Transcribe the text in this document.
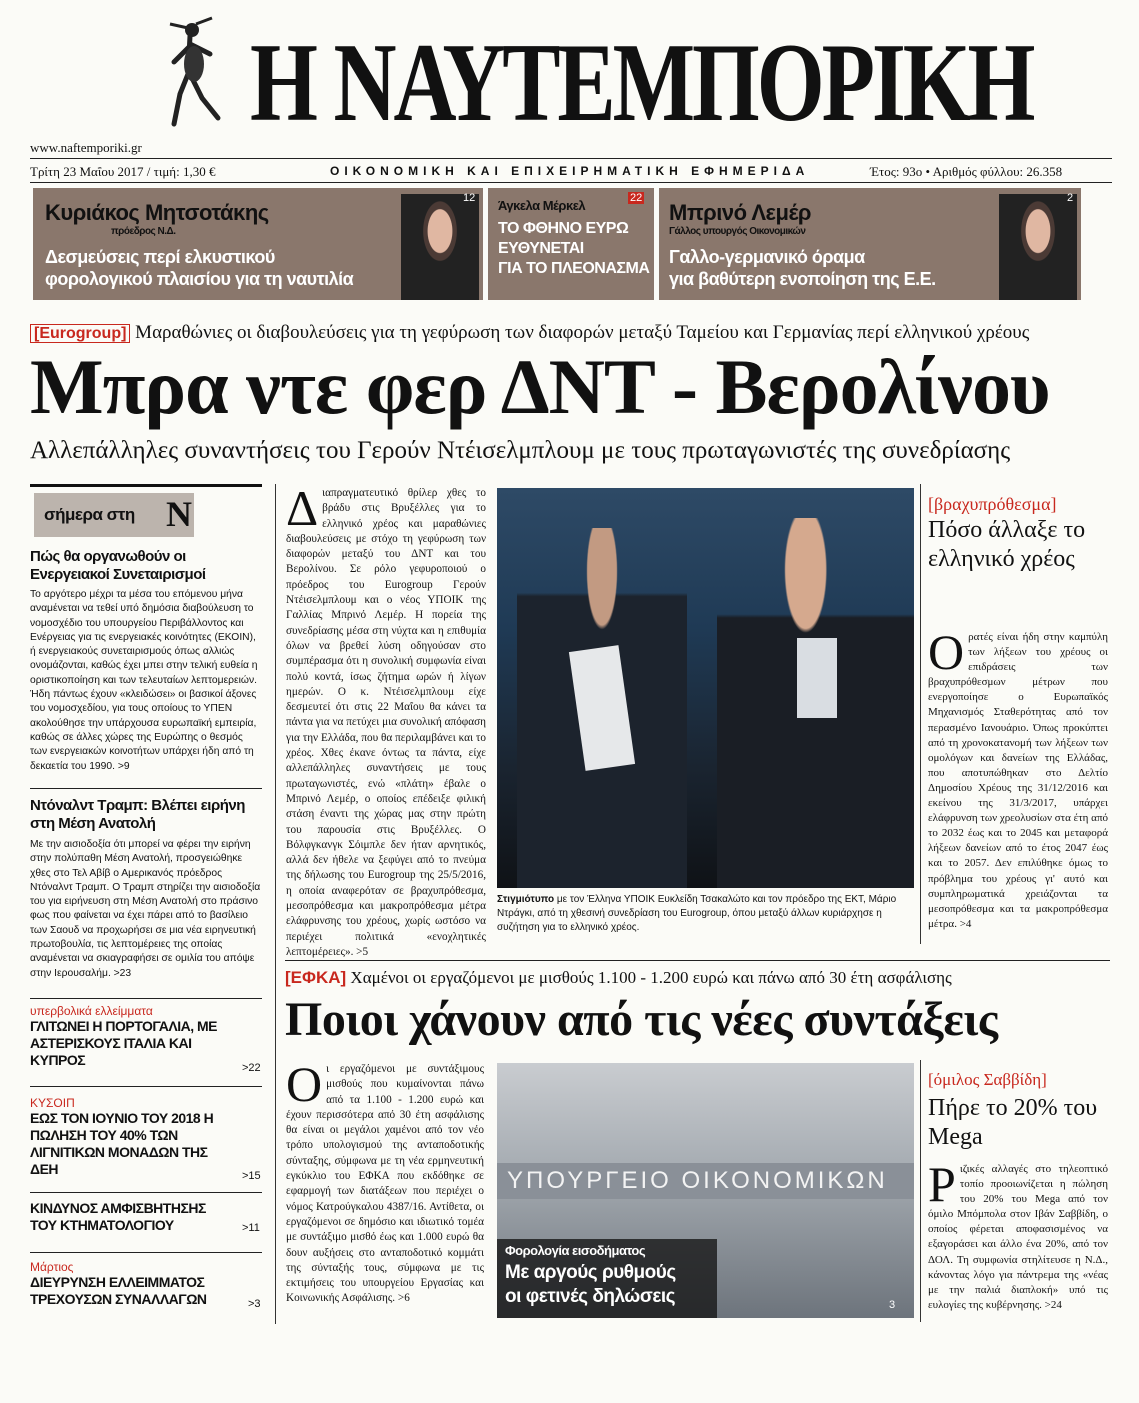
Η ΝΑΥΤΕΜΠΟΡΙΚΗ
www.naftemporiki.gr
Τρίτη 23 Μαΐου 2017 / τιμή: 1,30 €	ΟΙΚΟΝΟΜΙΚΗ ΚΑΙ ΕΠΙΧΕΙΡΗΜΑΤΙΚΗ ΕΦΗΜΕΡΙΔΑ	Έτος: 93ο • Αριθμός φύλλου: 26.358
Κυριάκος Μητσοτάκης
πρόεδρος Ν.Δ.
Δεσμεύσεις περί ελκυστικού
φορολογικού πλαισίου για τη ναυτιλία
12 Άγκελα Μέρκελ
ΤΟ ΦΘΗΝΟ ΕΥΡΩ
ΕΥΘΥΝΕΤΑΙ
ΓΙΑ ΤΟ ΠΛΕΟΝΑΣΜΑ
22
Μπρινό Λεμέρ
Γάλλος υπουργός Οικονομικών
Γαλλο-γερμανικό όραμα
για βαθύτερη ενοποίηση της Ε.Ε.
2
[Eurogroup] Μαραθώνιες οι διαβουλεύσεις για τη γεφύρωση των διαφορών μεταξύ Ταμείου και Γερμανίας περί ελληνικού χρέους
Μπρα ντε φερ ΔΝΤ - Βερολίνου
Αλλεπάλληλες συναντήσεις του Γερούν Ντέισελμπλουμ με τους πρωταγωνιστές της συνεδρίασης
σήμερα στη N
Πώς θα οργανωθούν οι Ενεργειακοί Συνεταιρισμοί
Το αργότερο μέχρι τα μέσα του επόμενου μήνα αναμένεται να τεθεί υπό δημόσια διαβούλευση το νομοσχέδιο του υπουργείου Περιβάλλοντος και Ενέργειας για τις ενεργειακές κοινότητες (ΕΚΟΙΝ), ή ενεργειακούς συνεταιρισμούς όπως αλλιώς ονομάζονται, καθώς έχει μπει στην τελική ευθεία η οριστικοποίηση και των τελευταίων λεπτομερειών. Ήδη πάντως έχουν «κλειδώσει» οι βασικοί άξονες του νομοσχεδίου, για τους οποίους το ΥΠΕΝ ακολούθησε την υπάρχουσα ευρωπαϊκή εμπειρία, καθώς σε άλλες χώρες της Ευρώπης ο θεσμός των ενεργειακών κοινοτήτων υπάρχει ήδη από τη δεκαετία του 1990. >9
Ντόναλντ Τραμπ: Βλέπει ειρήνη στη Μέση Ανατολή
Με την αισιοδοξία ότι μπορεί να φέρει την ειρήνη στην πολύπαθη Μέση Ανατολή, προσγειώθηκε χθες στο Τελ Αβίβ ο Αμερικανός πρόεδρος Ντόναλντ Τραμπ. Ο Τραμπ στηρίζει την αισιοδοξία του για ειρήνευση στη Μέση Ανατολή στο πράσινο φως που φαίνεται να έχει πάρει από το βασίλειο των Σαουδ να προχωρήσει σε μια νέα ειρηνευτική πρωτοβουλία, τις λεπτομέρειες της οποίας αναμένεται να σκιαγραφήσει σε ομιλία του απόψε στην Ιερουσαλήμ. >23
υπερβολικά ελλείμματα
ΓΛΙΤΩΝΕΙ Η ΠΟΡΤΟΓΑΛΙΑ, ΜΕ ΑΣΤΕΡΙΣΚΟΥΣ ΙΤΑΛΙΑ ΚΑΙ ΚΥΠΡΟΣ	>22
ΚΥΣΟΙΠ
ΕΩΣ ΤΟΝ ΙΟΥΝΙΟ ΤΟΥ 2018 Η ΠΩΛΗΣΗ ΤΟΥ 40% ΤΩΝ ΛΙΓΝΙΤΙΚΩΝ ΜΟΝΑΔΩΝ ΤΗΣ ΔΕΗ	>15
ΚΙΝΔΥΝΟΣ ΑΜΦΙΣΒΗΤΗΣΗΣ ΤΟΥ ΚΤΗΜΑΤΟΛΟΓΙΟΥ	>11
Μάρτιος
ΔΙΕΥΡΥΝΣΗ ΕΛΛΕΙΜΜΑΤΟΣ ΤΡΕΧΟΥΣΩΝ ΣΥΝΑΛΛΑΓΩΝ	>3
Διαπραγματευτικό θρίλερ χθες το βράδυ στις Βρυξέλλες για το ελληνικό χρέος και μαραθώνιες διαβουλεύσεις με στόχο τη γεφύρωση των διαφορών μεταξύ του ΔΝΤ και του Βερολίνου. Σε ρόλο γεφυροποιού ο πρόεδρος του Eurogroup Γερούν Ντέισελμπλουμ και ο νέος ΥΠΟΙΚ της Γαλλίας Μπρινό Λεμέρ. Η πορεία της συνεδρίασης μέσα στη νύχτα και η επιθυμία όλων να βρεθεί λύση οδηγούσαν στο συμπέρασμα ότι η συνολική συμφωνία είναι πολύ κοντά, ίσως ζήτημα ωρών ή λίγων ημερών. Ο κ. Ντέισελμπλουμ είχε δεσμευτεί ότι στις 22 Μαΐου θα κάνει τα πάντα για να πετύχει μια συνολική απόφαση για την Ελλάδα, που θα περιλαμβάνει και το χρέος. Χθες έκανε όντως τα πάντα, είχε αλλεπάλληλες συναντήσεις με τους πρωταγωνιστές, ενώ «πλάτη» έβαλε ο Μπρινό Λεμέρ, ο οποίος επέδειξε φιλική στάση έναντι της χώρας μας στην πρώτη του παρουσία στις Βρυξέλλες. Ο Βόλφγκανγκ Σόιμπλε δεν ήταν αρνητικός, αλλά δεν ήθελε να ξεφύγει από το πνεύμα της δήλωσης του Eurogroup της 25/5/2016, η οποία αναφερόταν σε βραχυπρόθεσμα, μεσοπρόθεσμα και μακροπρόθεσμα μέτρα ελάφρυνσης του χρέους, χωρίς ωστόσο να περιέχει πολιτικά «ενοχλητικές λεπτομέρειες». >5
Στιγμιότυπο με τον Έλληνα ΥΠΟΙΚ Ευκλείδη Τσακαλώτο και τον πρόεδρο της ΕΚΤ, Μάριο Ντράγκι, από τη χθεσινή συνεδρίαση του Eurogroup, όπου μεταξύ άλλων κυριάρχησε η συζήτηση για το ελληνικό χρέος.
[βραχυπρόθεσμα]
Πόσο άλλαξε το ελληνικό χρέος
Ορατές είναι ήδη στην καμπύλη των λήξεων του χρέους οι επιδράσεις των βραχυπρόθεσμων μέτρων που ενεργοποίησε ο Ευρωπαϊκός Μηχανισμός Σταθερότητας από τον περασμένο Ιανουάριο. Όπως προκύπτει από τη χρονοκατανομή των λήξεων των ομολόγων και δανείων της Ελλάδας, που αποτυπώθηκαν στο Δελτίο Δημοσίου Χρέους της 31/12/2016 και εκείνου της 31/3/2017, υπάρχει ελάφρυνση των χρεολυσίων στα έτη από το 2032 έως και το 2045 και μεταφορά λήξεων δανείων από το έτος 2047 έως και το 2057. Δεν επιλύθηκε όμως το πρόβλημα του χρέους γι' αυτό και συμπληρωματικά χρειάζονται τα μεσοπρόθεσμα και τα μακροπρόθεσμα μέτρα. >4
[ΕΦΚΑ] Χαμένοι οι εργαζόμενοι με μισθούς 1.100 - 1.200 ευρώ και πάνω από 30 έτη ασφάλισης
Ποιοι χάνουν από τις νέες συντάξεις
Οι εργαζόμενοι με συντάξιμους μισθούς που κυμαίνονται πάνω από τα 1.100 - 1.200 ευρώ και έχουν περισσότερα από 30 έτη ασφάλισης θα είναι οι μεγάλοι χαμένοι από τον νέο τρόπο υπολογισμού της ανταποδοτικής σύνταξης, σύμφωνα με τη νέα ερμηνευτική εγκύκλιο του ΕΦΚΑ που εκδόθηκε σε εφαρμογή των διατάξεων που περιέχει ο νόμος Κατρούγκαλου 4387/16. Αντίθετα, οι εργαζόμενοι σε δημόσιο και ιδιωτικό τομέα με συντάξιμο μισθό έως και 1.000 ευρώ θα δουν αυξήσεις στο ανταποδοτικό κομμάτι της σύνταξής τους, σύμφωνα με τις εκτιμήσεις του υπουργείου Εργασίας και Κοινωνικής Ασφάλισης. >6
ΥΠΟΥΡΓΕΙΟ ΟΙΚΟΝΟΜΙΚΩΝ
Φορολογία εισοδήματος
Με αργούς ρυθμούς
οι φετινές δηλώσεις	3
[όμιλος Σαββίδη]
Πήρε το 20% του Mega
Ριζικές αλλαγές στο τηλεοπτικό τοπίο προοιωνίζεται η πώληση του 20% του Mega από τον όμιλο Μπόμπολα στον Ιβάν Σαββίδη, ο οποίος φέρεται αποφασισμένος να εξαγοράσει και άλλο ένα 20%, από τον ΔΟΛ. Τη συμφωνία στηλίτευσε η Ν.Δ., κάνοντας λόγο για πάντρεμα της «νέας με την παλιά διαπλοκή» υπό τις ευλογίες της κυβέρνησης. >24
